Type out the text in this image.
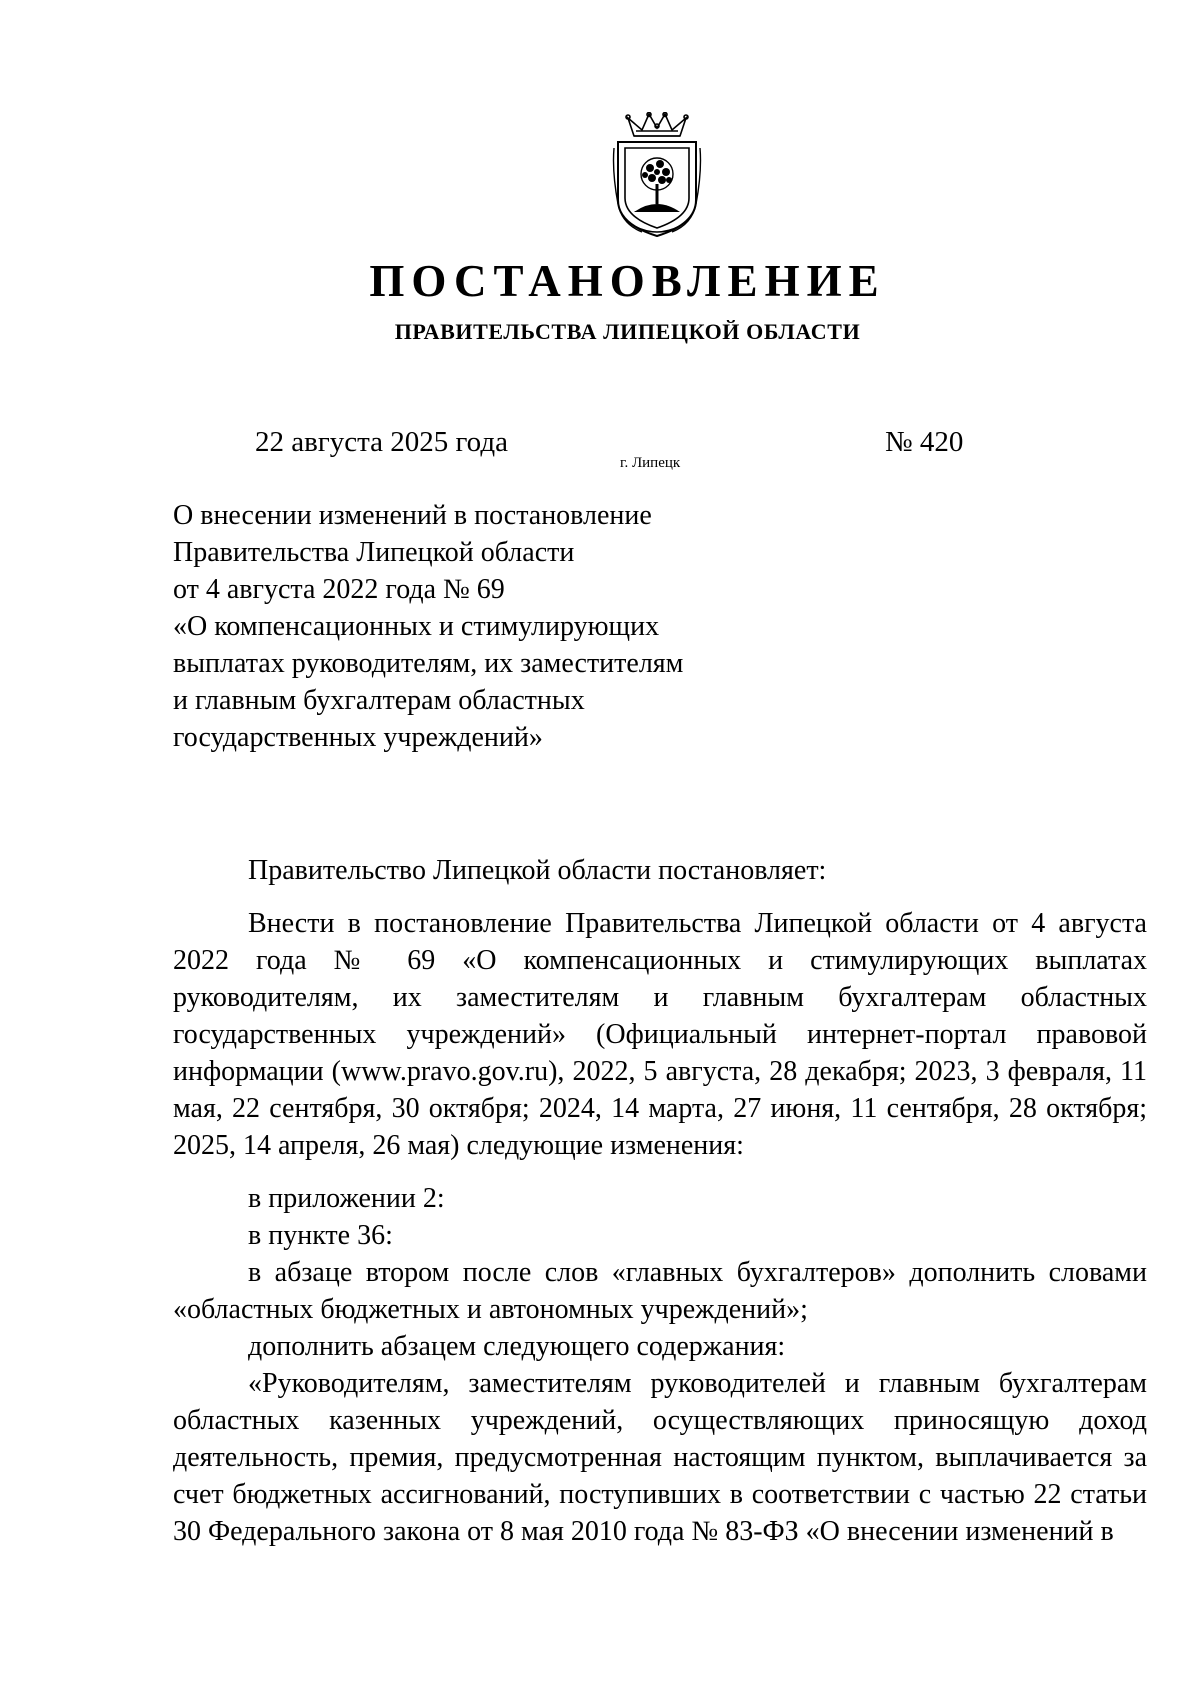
ПОСТАНОВЛЕНИЕ
ПРАВИТЕЛЬСТВА ЛИПЕЦКОЙ ОБЛАСТИ
22 августа 2025 года
г. Липецк
№ 420
О внесении изменений в постановление
Правительства Липецкой области
от 4 августа 2022 года № 69
«О компенсационных и стимулирующих
выплатах руководителям, их заместителям
и главным бухгалтерам областных
государственных учреждений»

Правительство Липецкой области постановляет:

Внести в постановление Правительства Липецкой области от 4 августа 2022 года № 69 «О компенсационных и стимулирующих выплатах руководителям, их заместителям и главным бухгалтерам областных государственных учреждений» (Официальный интернет-портал правовой информации (www.pravo.gov.ru), 2022, 5 августа, 28 декабря; 2023, 3 февраля, 11 мая, 22 сентября, 30 октября; 2024, 14 марта, 27 июня, 11 сентября, 28 октября; 2025, 14 апреля, 26 мая) следующие изменения:

в приложении 2:

в пункте 36:

в абзаце втором после слов «главных бухгалтеров» дополнить словами «областных бюджетных и автономных учреждений»;

дополнить абзацем следующего содержания:

«Руководителям, заместителям руководителей и главным бухгалтерам областных казенных учреждений, осуществляющих приносящую доход деятельность, премия, предусмотренная настоящим пунктом, выплачивается за счет бюджетных ассигнований, поступивших в соответствии с частью 22 статьи 30 Федерального закона от 8 мая 2010 года № 83-ФЗ «О внесении изменений в
